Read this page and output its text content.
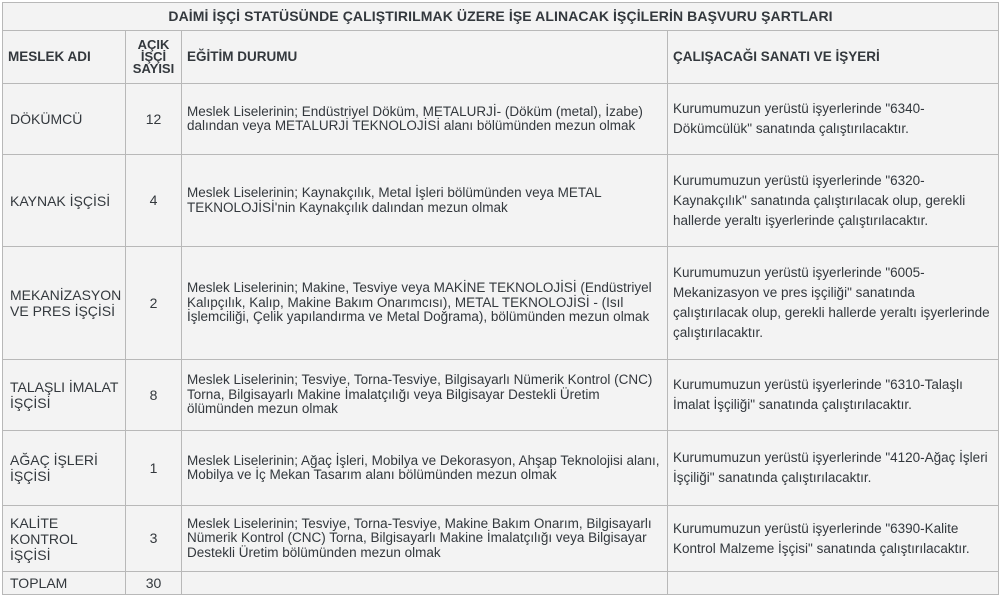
DAİMİ İŞÇİ STATÜSÜNDE ÇALIŞTIRILMAK ÜZERE İŞE ALINACAK İŞÇİLERİN BAŞVURU ŞARTLARI			
MESLEK ADI	AÇIK İŞÇİ SAYISI	EĞİTİM DURUMU	ÇALIŞACAĞI SANATI VE İŞYERİ
DÖKÜMCÜ	12	Meslek Liselerinin; Endüstriyel Döküm, METALURJİ- (Döküm (metal), İzabe) dalından veya METALURJİ TEKNOLOJİSİ alanı bölümünden mezun olmak	Kurumumuzun yerüstü işyerlerinde "6340-Dökümcülük" sanatında çalıştırılacaktır.
KAYNAK İŞÇİSİ	4	Meslek Liselerinin; Kaynakçılık, Metal İşleri bölümünden veya METAL TEKNOLOJİSİ'nin Kaynakçılık dalından mezun olmak	Kurumumuzun yerüstü işyerlerinde "6320-Kaynakçılık" sanatında çalıştırılacak olup, gerekli hallerde yeraltı işyerlerinde çalıştırılacaktır.
MEKANİZASYON VE PRES İŞÇİSİ	2	Meslek Liselerinin; Makine, Tesviye veya MAKİNE TEKNOLOJİSİ (Endüstriyel Kalıpçılık, Kalıp, Makine Bakım Onarımcısı), METAL TEKNOLOJİSİ - (Isıl İşlemciliği, Çelik yapılandırma ve Metal Doğrama), bölümünden mezun olmak	Kurumumuzun yerüstü işyerlerinde "6005-Mekanizasyon ve pres işçiliği" sanatında çalıştırılacak olup, gerekli hallerde yeraltı işyerlerinde çalıştırılacaktır.
TALAŞLI İMALAT İŞÇİSİ	8	Meslek Liselerinin; Tesviye, Torna-Tesviye, Bilgisayarlı Nümerik Kontrol (CNC) Torna, Bilgisayarlı Makine İmalatçılığı veya Bilgisayar Destekli Üretim ölümünden mezun olmak	Kurumumuzun yerüstü işyerlerinde "6310-Talaşlı İmalat İşçiliği" sanatında çalıştırılacaktır.
AĞAÇ İŞLERİ İŞÇİSİ	1	Meslek Liselerinin; Ağaç İşleri, Mobilya ve Dekorasyon, Ahşap Teknolojisi alanı, Mobilya ve İç Mekan Tasarım alanı bölümünden mezun olmak	Kurumumuzun yerüstü işyerlerinde "4120-Ağaç İşleri İşçiliği" sanatında çalıştırılacaktır.
KALİTE KONTROL İŞÇİSİ	3	Meslek Liselerinin; Tesviye, Torna-Tesviye, Makine Bakım Onarım, Bilgisayarlı Nümerik Kontrol (CNC) Torna, Bilgisayarlı Makine İmalatçılığı veya Bilgisayar Destekli Üretim bölümünden mezun olmak	Kurumumuzun yerüstü işyerlerinde "6390-Kalite Kontrol Malzeme İşçisi" sanatında çalıştırılacaktır.
TOPLAM	30		
